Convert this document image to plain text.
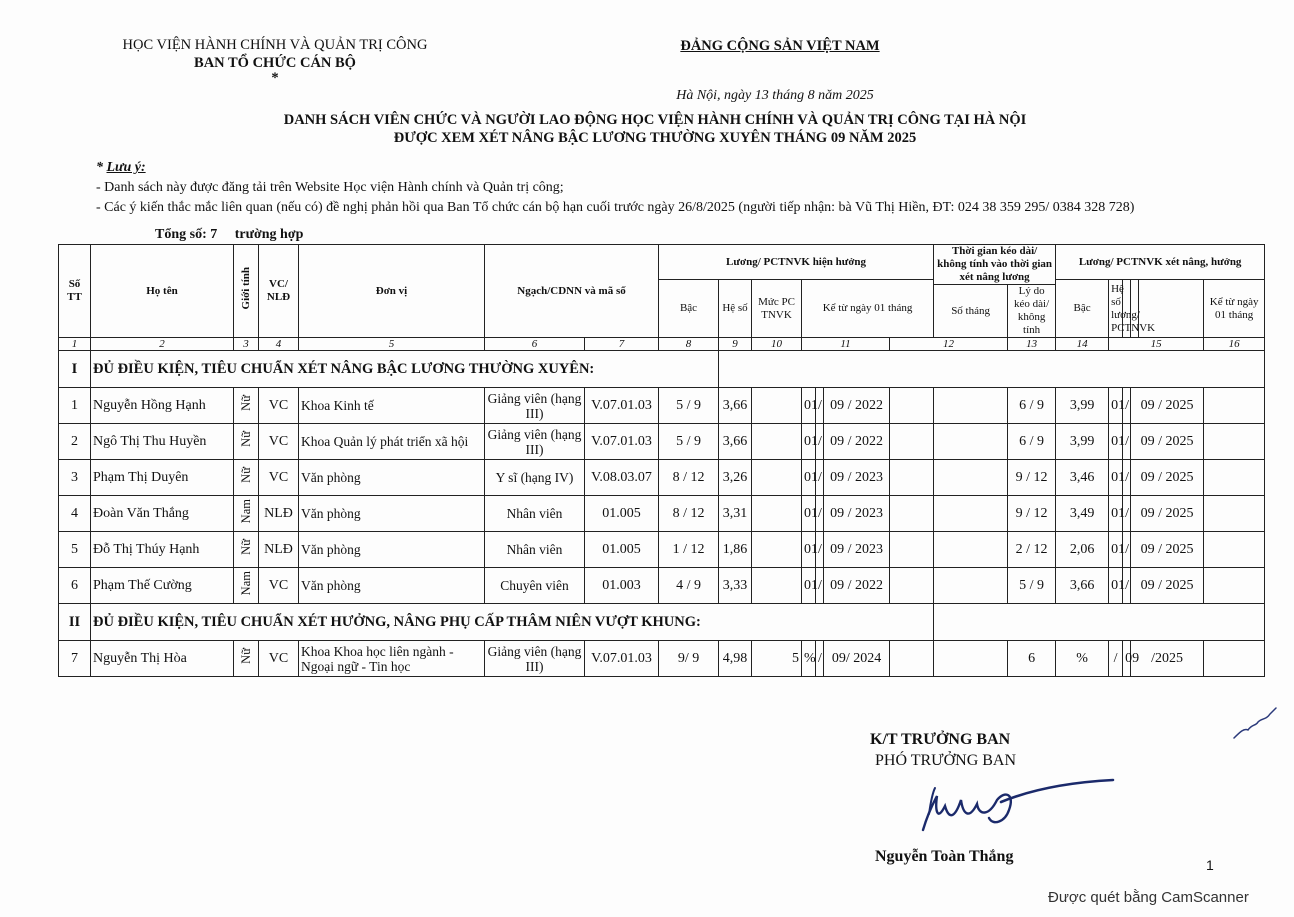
HỌC VIỆN HÀNH CHÍNH VÀ QUẢN TRỊ CÔNG
BAN TỔ CHỨC CÁN BỘ
*
ĐẢNG CỘNG SẢN VIỆT NAM
Hà Nội, ngày 13 tháng 8 năm 2025
DANH SÁCH VIÊN CHỨC VÀ NGƯỜI LAO ĐỘNG HỌC VIỆN HÀNH CHÍNH VÀ QUẢN TRỊ CÔNG TẠI HÀ NỘI
ĐƯỢC XEM XÉT NÂNG BẬC LƯƠNG THƯỜNG XUYÊN THÁNG 09 NĂM 2025
* Lưu ý:
- Danh sách này được đăng tải trên Website Học viện Hành chính và Quản trị công;
- Các ý kiến thắc mắc liên quan (nếu có) đề nghị phản hồi qua Ban Tổ chức cán bộ hạn cuối trước ngày 26/8/2025 (người tiếp nhận: bà Vũ Thị Hiền, ĐT: 024 38 359 295/ 0384 328 728)
Tổng số: 7     trường hợp
Số TT	Họ tên	Giới tính	VC/ NLĐ	Đơn vị	Ngạch/CDNN và mã số		Lương/ PCTNVK hiện hưởng							Thời gian kéo dài/ không tính vào thời gian xét nâng lương		Lương/ PCTNVK xét nâng, hưởng	
							Bậc	Hệ số	Mức PC TNVK	Kể từ ngày 01 tháng						Bậc	Hệ số lương/ PCTNVK				Kể từ ngày 01 tháng	
														Số tháng	Lý do kéo dài/ không tính							
1	2	3	4	5	6	7	8	9	10	11			12		13	14	15				16	
I	ĐỦ ĐIỀU KIỆN, TIÊU CHUẨN XÉT NÂNG BẬC LƯƠNG THƯỜNG XUYÊN:																					
1	Nguyễn Hồng Hạnh	Nữ	VC	Khoa Kinh tế	Giảng viên (hạng III)	V.07.01.03	5 / 9	3,66		01	/	09 / 2022			6 / 9	3,99	01	/	09 / 2025			
2	Ngô Thị Thu Huyền	Nữ	VC	Khoa Quản lý phát triển xã hội	Giảng viên (hạng III)	V.07.01.03	5 / 9	3,66		01	/	09 / 2022			6 / 9	3,99	01	/	09 / 2025			
3	Phạm Thị Duyên	Nữ	VC	Văn phòng	Y sĩ (hạng IV)	V.08.03.07	8 / 12	3,26		01	/	09 / 2023			9 / 12	3,46	01	/	09 / 2025			
4	Đoàn Văn Thắng	Nam	NLĐ	Văn phòng	Nhân viên	01.005	8 / 12	3,31		01	/	09 / 2023			9 / 12	3,49	01	/	09 / 2025			
5	Đỗ Thị Thúy Hạnh	Nữ	NLĐ	Văn phòng	Nhân viên	01.005	1 / 12	1,86		01	/	09 / 2023			2 / 12	2,06	01	/	09 / 2025			
6	Phạm Thế Cường	Nam	VC	Văn phòng	Chuyên viên	01.003	4 / 9	3,33		01	/	09 / 2022			5 / 9	3,66	01	/	09 / 2025			
II	ĐỦ ĐIỀU KIỆN, TIÊU CHUẨN XÉT HƯỞNG, NÂNG PHỤ CẤP THÂM NIÊN VƯỢT KHUNG:																					
7	Nguyễn Thị Hòa	Nữ	VC	Khoa Khoa học liên ngành - Ngoại ngữ - Tin học	Giảng viên (hạng III)	V.07.01.03	9/ 9	4,98	5	%	/	09/ 2024			6	%	/	09	/2025			
K/T TRƯỞNG BAN
PHÓ TRƯỞNG BAN
Nguyễn Toàn Thắng	1
Được quét bằng CamScanner
